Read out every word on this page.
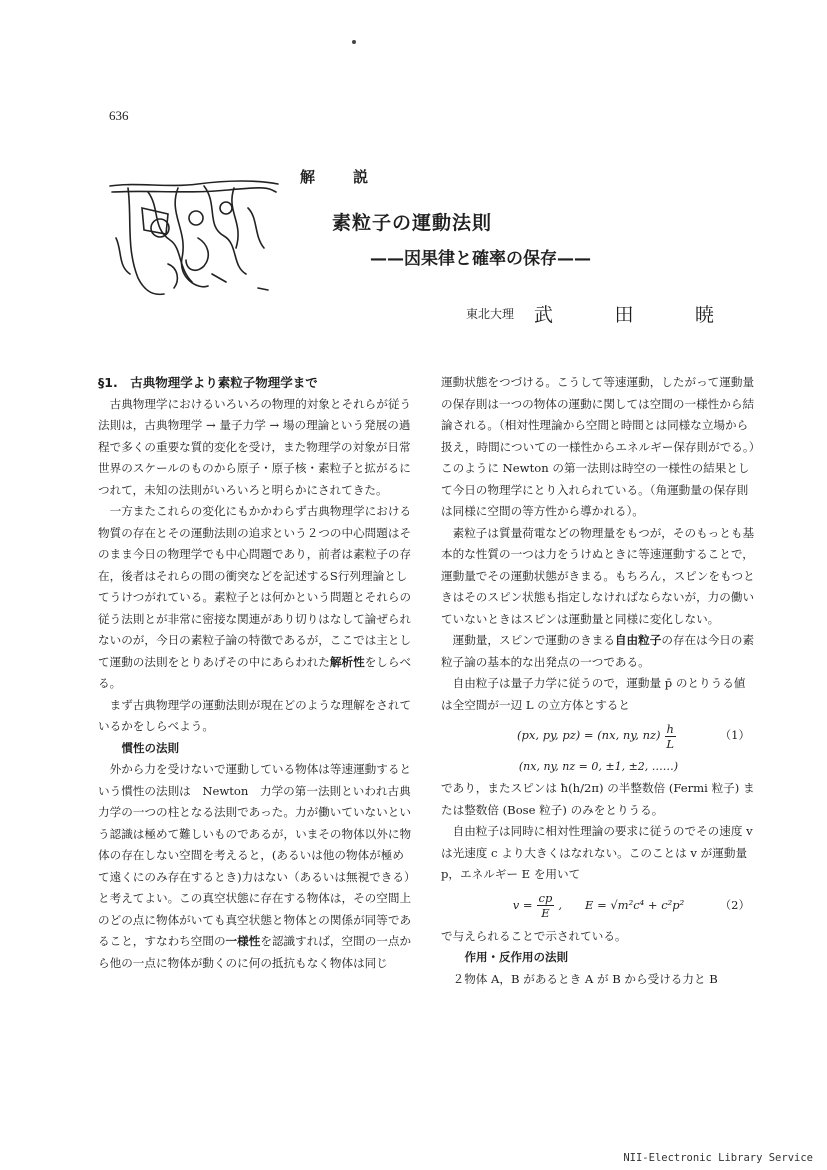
636
解説
素粒子の運動法則
——因果律と確率の保存——
東北大理 武	田	暁

§1.　古典物理学より素粒子物理学まで

古典物理学におけるいろいろの物理的対象とそれらが従う法則は，古典物理学 → 量子力学 → 場の理論という発展の過程で多くの重要な質的変化を受け，また物理学の対象が日常世界のスケールのものから原子・原子核・素粒子と拡がるにつれて，未知の法則がいろいろと明らかにされてきた。

一方またこれらの変化にもかかわらず古典物理学における物質の存在とその運動法則の追求という２つの中心問題はそのまま今日の物理学でも中心問題であり，前者は素粒子の存在，後者はそれらの間の衝突などを記述するS行列理論としてうけつがれている。素粒子とは何かという問題とそれらの従う法則とが非常に密接な関連があり切りはなして論ぜられないのが，今日の素粒子論の特徴であるが，ここでは主として運動の法則をとりあげその中にあらわれた解析性をしらべる。

まず古典物理学の運動法則が現在どのような理解をされているかをしらべよう。

慣性の法則

外から力を受けないで運動している物体は等速運動するという慣性の法則は　Newton　力学の第一法則といわれ古典力学の一つの柱となる法則であった。力が働いていないという認識は極めて難しいものであるが，いまその物体以外に物体の存在しない空間を考えると，(あるいは他の物体が極めて遠くにのみ存在するとき)力はない（あるいは無視できる）と考えてよい。この真空状態に存在する物体は，その空間上のどの点に物体がいても真空状態と物体との関係が同等であること，すなわち空間の一様性を認識すれば，空間の一点から他の一点に物体が動くのに何の抵抗もなく物体は同じ

運動状態をつづける。こうして等速運動，したがって運動量の保存則は一つの物体の運動に関しては空間の一様性から結論される。（相対性理論から空間と時間とは同様な立場から扱え，時間についての一様性からエネルギー保存則がでる。）このように Newton の第一法則は時空の一様性の結果として今日の物理学にとり入れられている。（角運動量の保存則は同様に空間の等方性から導かれる）。

素粒子は質量荷電などの物理量をもつが，そのもっとも基本的な性質の一つは力をうけぬときに等速運動することで，運動量でその運動状態がきまる。もちろん，スピンをもつときはそのスピン状態も指定しなければならないが，力の働いていないときはスピンは運動量と同様に変化しない。

運動量，スピンで運動のきまる自由粒子の存在は今日の素粒子論の基本的な出発点の一つである。

自由粒子は量子力学に従うので，運動量 p̄ のとりうる値は全空間が一辺 L の立方体とすると

(px, py, pz) = (nx, ny, $nz) \frac{h}{L}$	（1）
(nx, ny, nz = 0, ±1, ±2, ……)

であり，またスピンは ħ(h/2π) の半整数倍 (Fermi 粒子) または整数倍 (Bose 粒子) のみをとりうる。

自由粒子は同時に相対性理論の要求に従うのでその速度 v は光速度 c より大きくはなれない。このことは v が運動量 p，エネルギー E を用いて

$v = \frac{cp}{E}$ ,　　E = √m²c⁴ + c²p²	（2）

で与えられることで示されている。

作用・反作用の法則

２物体 A，B があるとき A が B から受ける力と B

NII-Electronic Library Service
